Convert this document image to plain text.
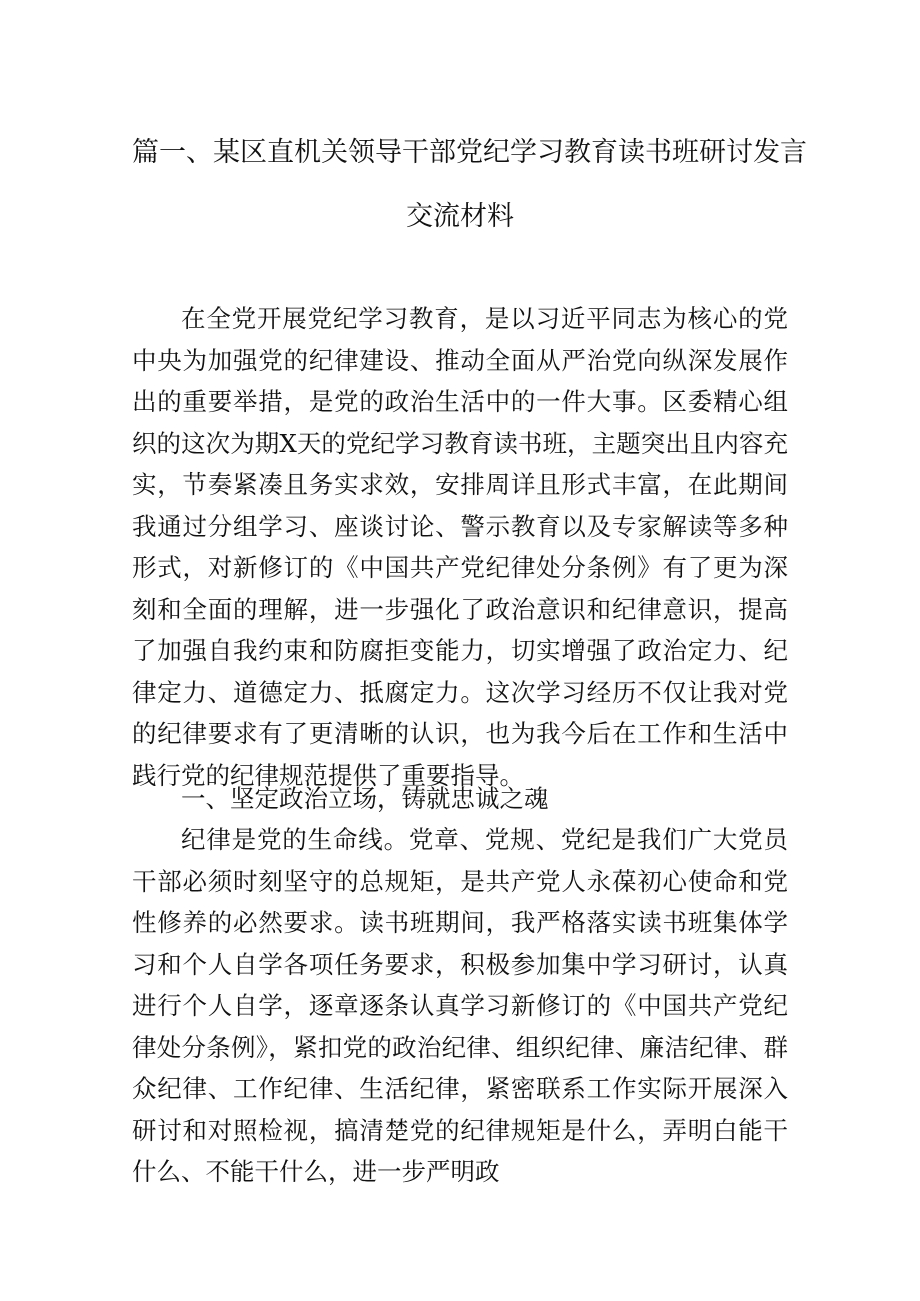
篇一、某区直机关领导干部党纪学习教育读书班研讨发言
交流材料
在全党开展党纪学习教育，是以习近平同志为核心的党中央为加强党的纪律建设、推动全面从严治党向纵深发展作出的重要举措，是党的政治生活中的一件大事。区委精心组织的这次为期X天的党纪学习教育读书班，主题突出且内容充实，节奏紧凑且务实求效，安排周详且形式丰富，在此期间我通过分组学习、座谈讨论、警示教育以及专家解读等多种形式，对新修订的《中国共产党纪律处分条例》有了更为深刻和全面的理解，进一步强化了政治意识和纪律意识，提高了加强自我约束和防腐拒变能力，切实增强了政治定力、纪律定力、道德定力、抵腐定力。这次学习经历不仅让我对党的纪律要求有了更清晰的认识，也为我今后在工作和生活中践行党的纪律规范提供了重要指导。
一、坚定政治立场，铸就忠诚之魂
纪律是党的生命线。党章、党规、党纪是我们广大党员干部必须时刻坚守的总规矩，是共产党人永葆初心使命和党性修养的必然要求。读书班期间，我严格落实读书班集体学习和个人自学各项任务要求，积极参加集中学习研讨，认真进行个人自学，逐章逐条认真学习新修订的《中国共产党纪律处分条例》，紧扣党的政治纪律、组织纪律、廉洁纪律、群众纪律、工作纪律、生活纪律，紧密联系工作实际开展深入研讨和对照检视，搞清楚党的纪律规矩是什么，弄明白能干什么、不能干什么，进一步严明政
